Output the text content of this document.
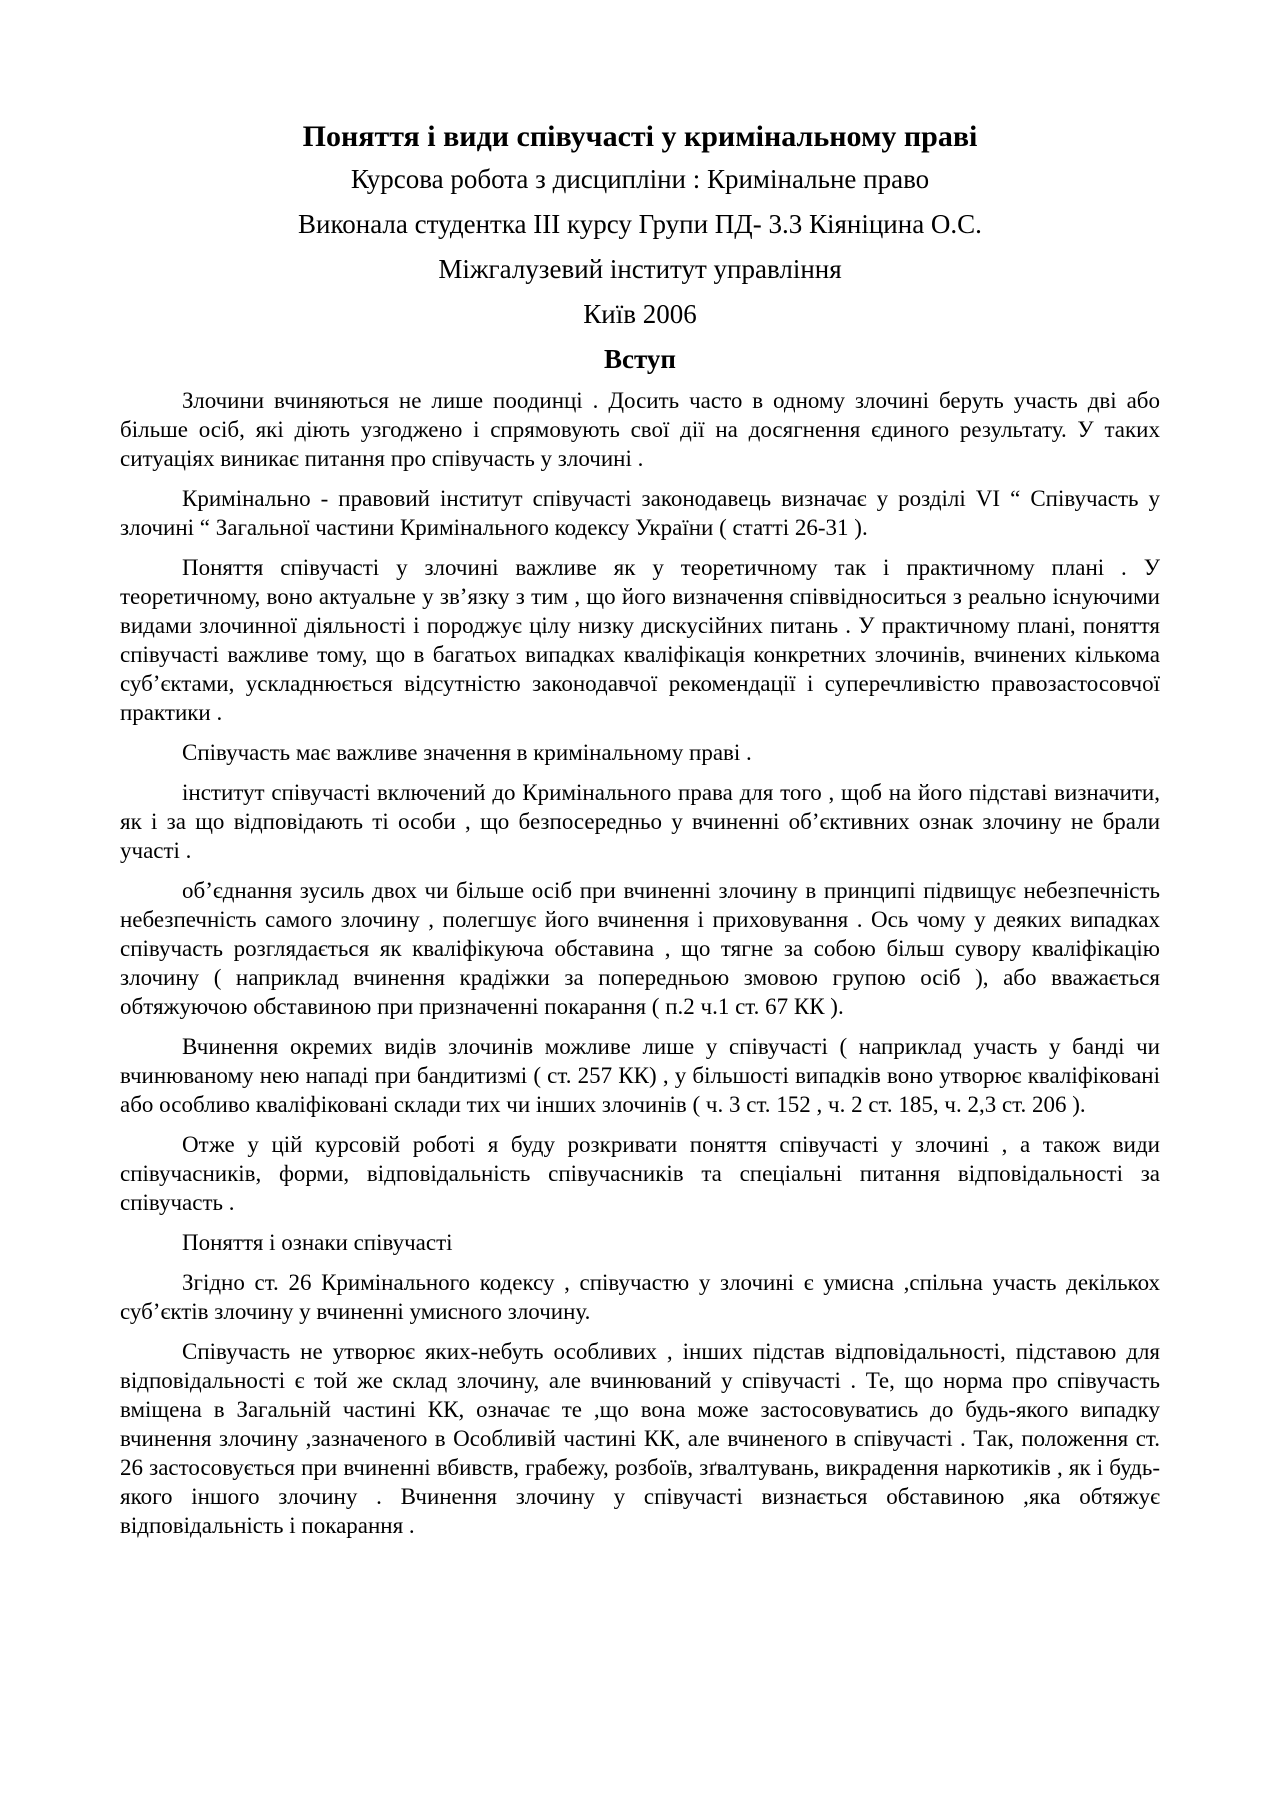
Поняття і види співучасті у кримінальному праві

Курсова робота з дисципліни : Кримінальне право

Виконала студентка ІІІ курсу Групи ПД- 3.3 Кіяніцина О.С.

Міжгалузевий інститут управління

Київ 2006

Вступ

Злочини вчиняються не лише поодинці . Досить часто в одному злочині беруть участь дві або більше осіб, які діють узгоджено і спрямовують свої дії на досягнення єдиного результату. У таких ситуаціях виникає питання про співучасть у злочині .

Кримінально - правовий інститут співучасті законодавець визначає у розділі VI “ Співучасть у злочині “ Загальної частини Кримінального кодексу України ( статті 26-31 ).

Поняття співучасті у злочині важливе як у теоретичному так і практичному плані . У теоретичному, воно актуальне у зв’язку з тим , що його визначення співвідноситься з реально існуючими видами злочинної діяльності і породжує цілу низку дискусійних питань . У практичному плані, поняття співучасті важливе тому, що в багатьох випадках кваліфікація конкретних злочинів, вчинених кількома суб’єктами, ускладнюється відсутністю законодавчої рекомендації і суперечливістю правозастосовчої практики .

Співучасть має важливе значення в кримінальному праві .

інститут співучасті включений до Кримінального права для того , щоб на його підставі визначити, як і за що відповідають ті особи , що безпосередньо у вчиненні об’єктивних ознак злочину не брали участі .

об’єднання зусиль двох чи більше осіб при вчиненні злочину в принципі підвищує небезпечність небезпечність самого злочину , полегшує його вчинення і приховування . Ось чому у деяких випадках співучасть розглядається як кваліфікуюча обставина , що тягне за собою більш сувору кваліфікацію злочину ( наприклад вчинення крадіжки за попередньою змовою групою осіб ), або вважається обтяжуючою обставиною при призначенні покарання ( п.2 ч.1 ст. 67 КК ).

Вчинення окремих видів злочинів можливе лише у співучасті ( наприклад участь у банді чи вчинюваному нею нападі при бандитизмі ( ст. 257 КК) , у більшості випадків воно утворює кваліфіковані або особливо кваліфіковані склади тих чи інших злочинів ( ч. 3 ст. 152 , ч. 2 ст. 185, ч. 2,3 ст. 206 ).

Отже у цій курсовій роботі я буду розкривати поняття співучасті у злочині , а також види співучасників, форми, відповідальність співучасників та спеціальні питання відповідальності за співучасть .

Поняття і ознаки співучасті

Згідно ст. 26 Кримінального кодексу , співучастю у злочині є умисна ,спільна участь декількох суб’єктів злочину у вчиненні умисного злочину.

Співучасть не утворює яких-небуть особливих , інших підстав відповідальності, підставою для відповідальності є той же склад злочину, але вчинюваний у співучасті . Те, що норма про співучасть вміщена в Загальній частині КК, означає те ,що вона може застосовуватись до будь-якого випадку вчинення злочину ,зазначеного в Особливій частині КК, але вчиненого в співучасті . Так, положення ст. 26 застосовується при вчиненні вбивств, грабежу, розбоїв, зґвалтувань, викрадення наркотиків , як і будь-якого іншого злочину . Вчинення злочину у співучасті визнається обставиною ,яка обтяжує відповідальність і покарання .
